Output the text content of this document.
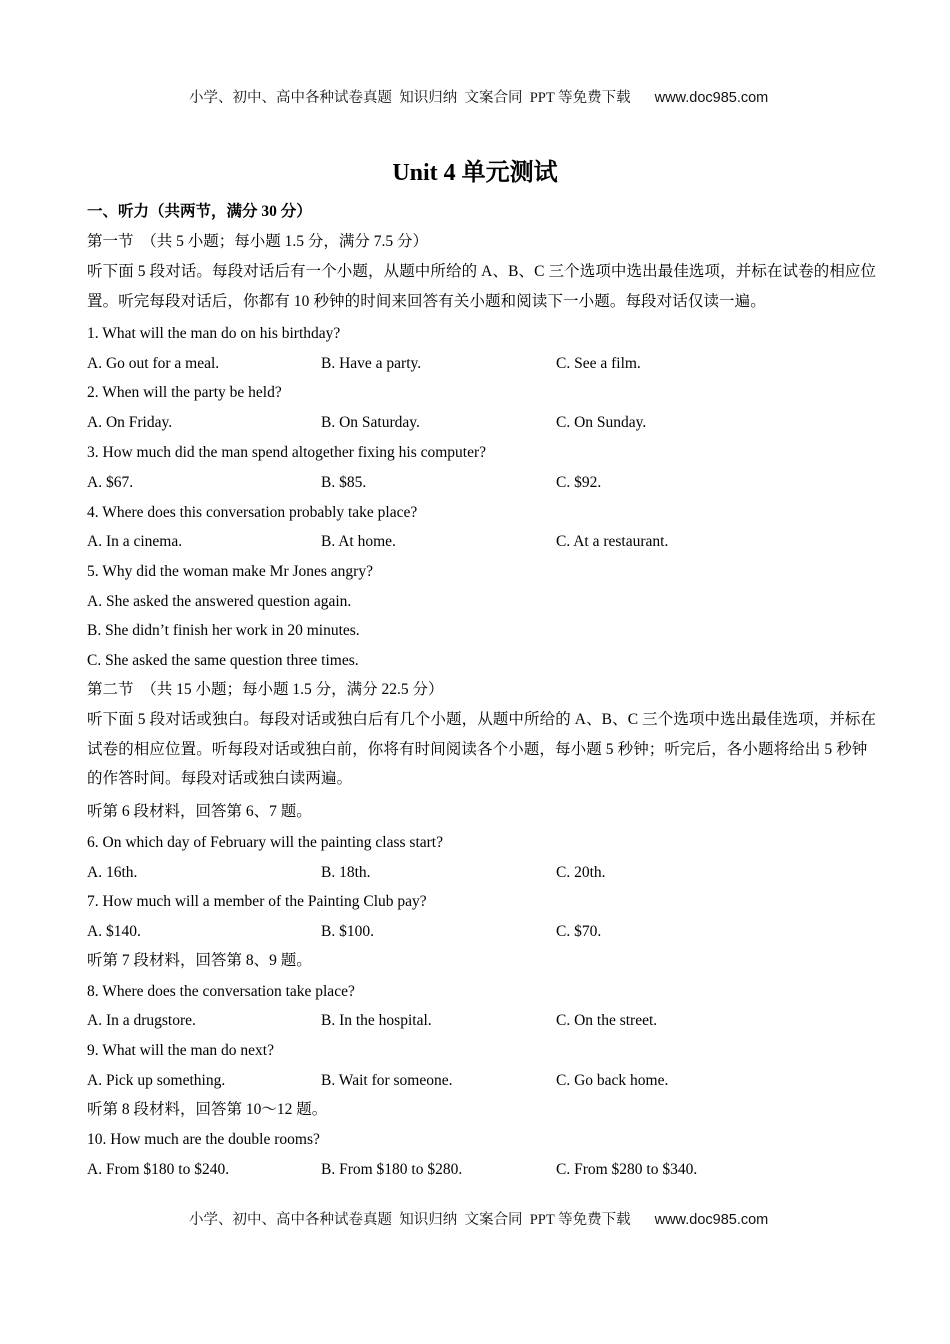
小学、初中、高中各种试卷真题  知识归纳  文案合同  PPT 等免费下载 www.doc985.com

Unit 4 单元测试
一、听力（共两节，满分 30 分）
第一节　（共 5 小题；每小题 1.5 分，满分 7.5 分）
听下面 5 段对话。每段对话后有一个小题，从题中所给的 A、B、C 三个选项中选出最佳选项，并标在试卷的相应位置。听完每段对话后，你都有 10 秒钟的时间来回答有关小题和阅读下一小题。每段对话仅读一遍。
1. What will the man do on his birthday?
A. Go out for a meal.	B. Have a party.	C. See a film.
2. When will the party be held?
A. On Friday.	B. On Saturday.	C. On Sunday.
3. How much did the man spend altogether fixing his computer?
A. $67.	B. $85.	C. $92.
4. Where does this conversation probably take place?
A. In a cinema.	B. At home.	C. At a restaurant.
5. Why did the woman make Mr Jones angry?
A. She asked the answered question again.
B. She didn’t finish her work in 20 minutes.
C. She asked the same question three times.
第二节　（共 15 小题；每小题 1.5 分，满分 22.5 分）
听下面 5 段对话或独白。每段对话或独白后有几个小题，从题中所给的 A、B、C 三个选项中选出最佳选项，并标在试卷的相应位置。听每段对话或独白前，你将有时间阅读各个小题，每小题 5 秒钟；听完后，各小题将给出 5 秒钟的作答时间。每段对话或独白读两遍。
听第 6 段材料，回答第 6、7 题。
6. On which day of February will the painting class start?
A. 16th.	B. 18th.	C. 20th.
7. How much will a member of the Painting Club pay?
A. $140.	B. $100.	C. $70.
听第 7 段材料，回答第 8、9 题。
8. Where does the conversation take place?
A. In a drugstore.	B. In the hospital.	C. On the street.
9. What will the man do next?
A. Pick up something.	B. Wait for someone.	C. Go back home.
听第 8 段材料，回答第 10～12 题。
10. How much are the double rooms?
A. From $180 to $240.	B. From $180 to $280.	C. From $280 to $340.

小学、初中、高中各种试卷真题  知识归纳  文案合同  PPT 等免费下载 www.doc985.com
